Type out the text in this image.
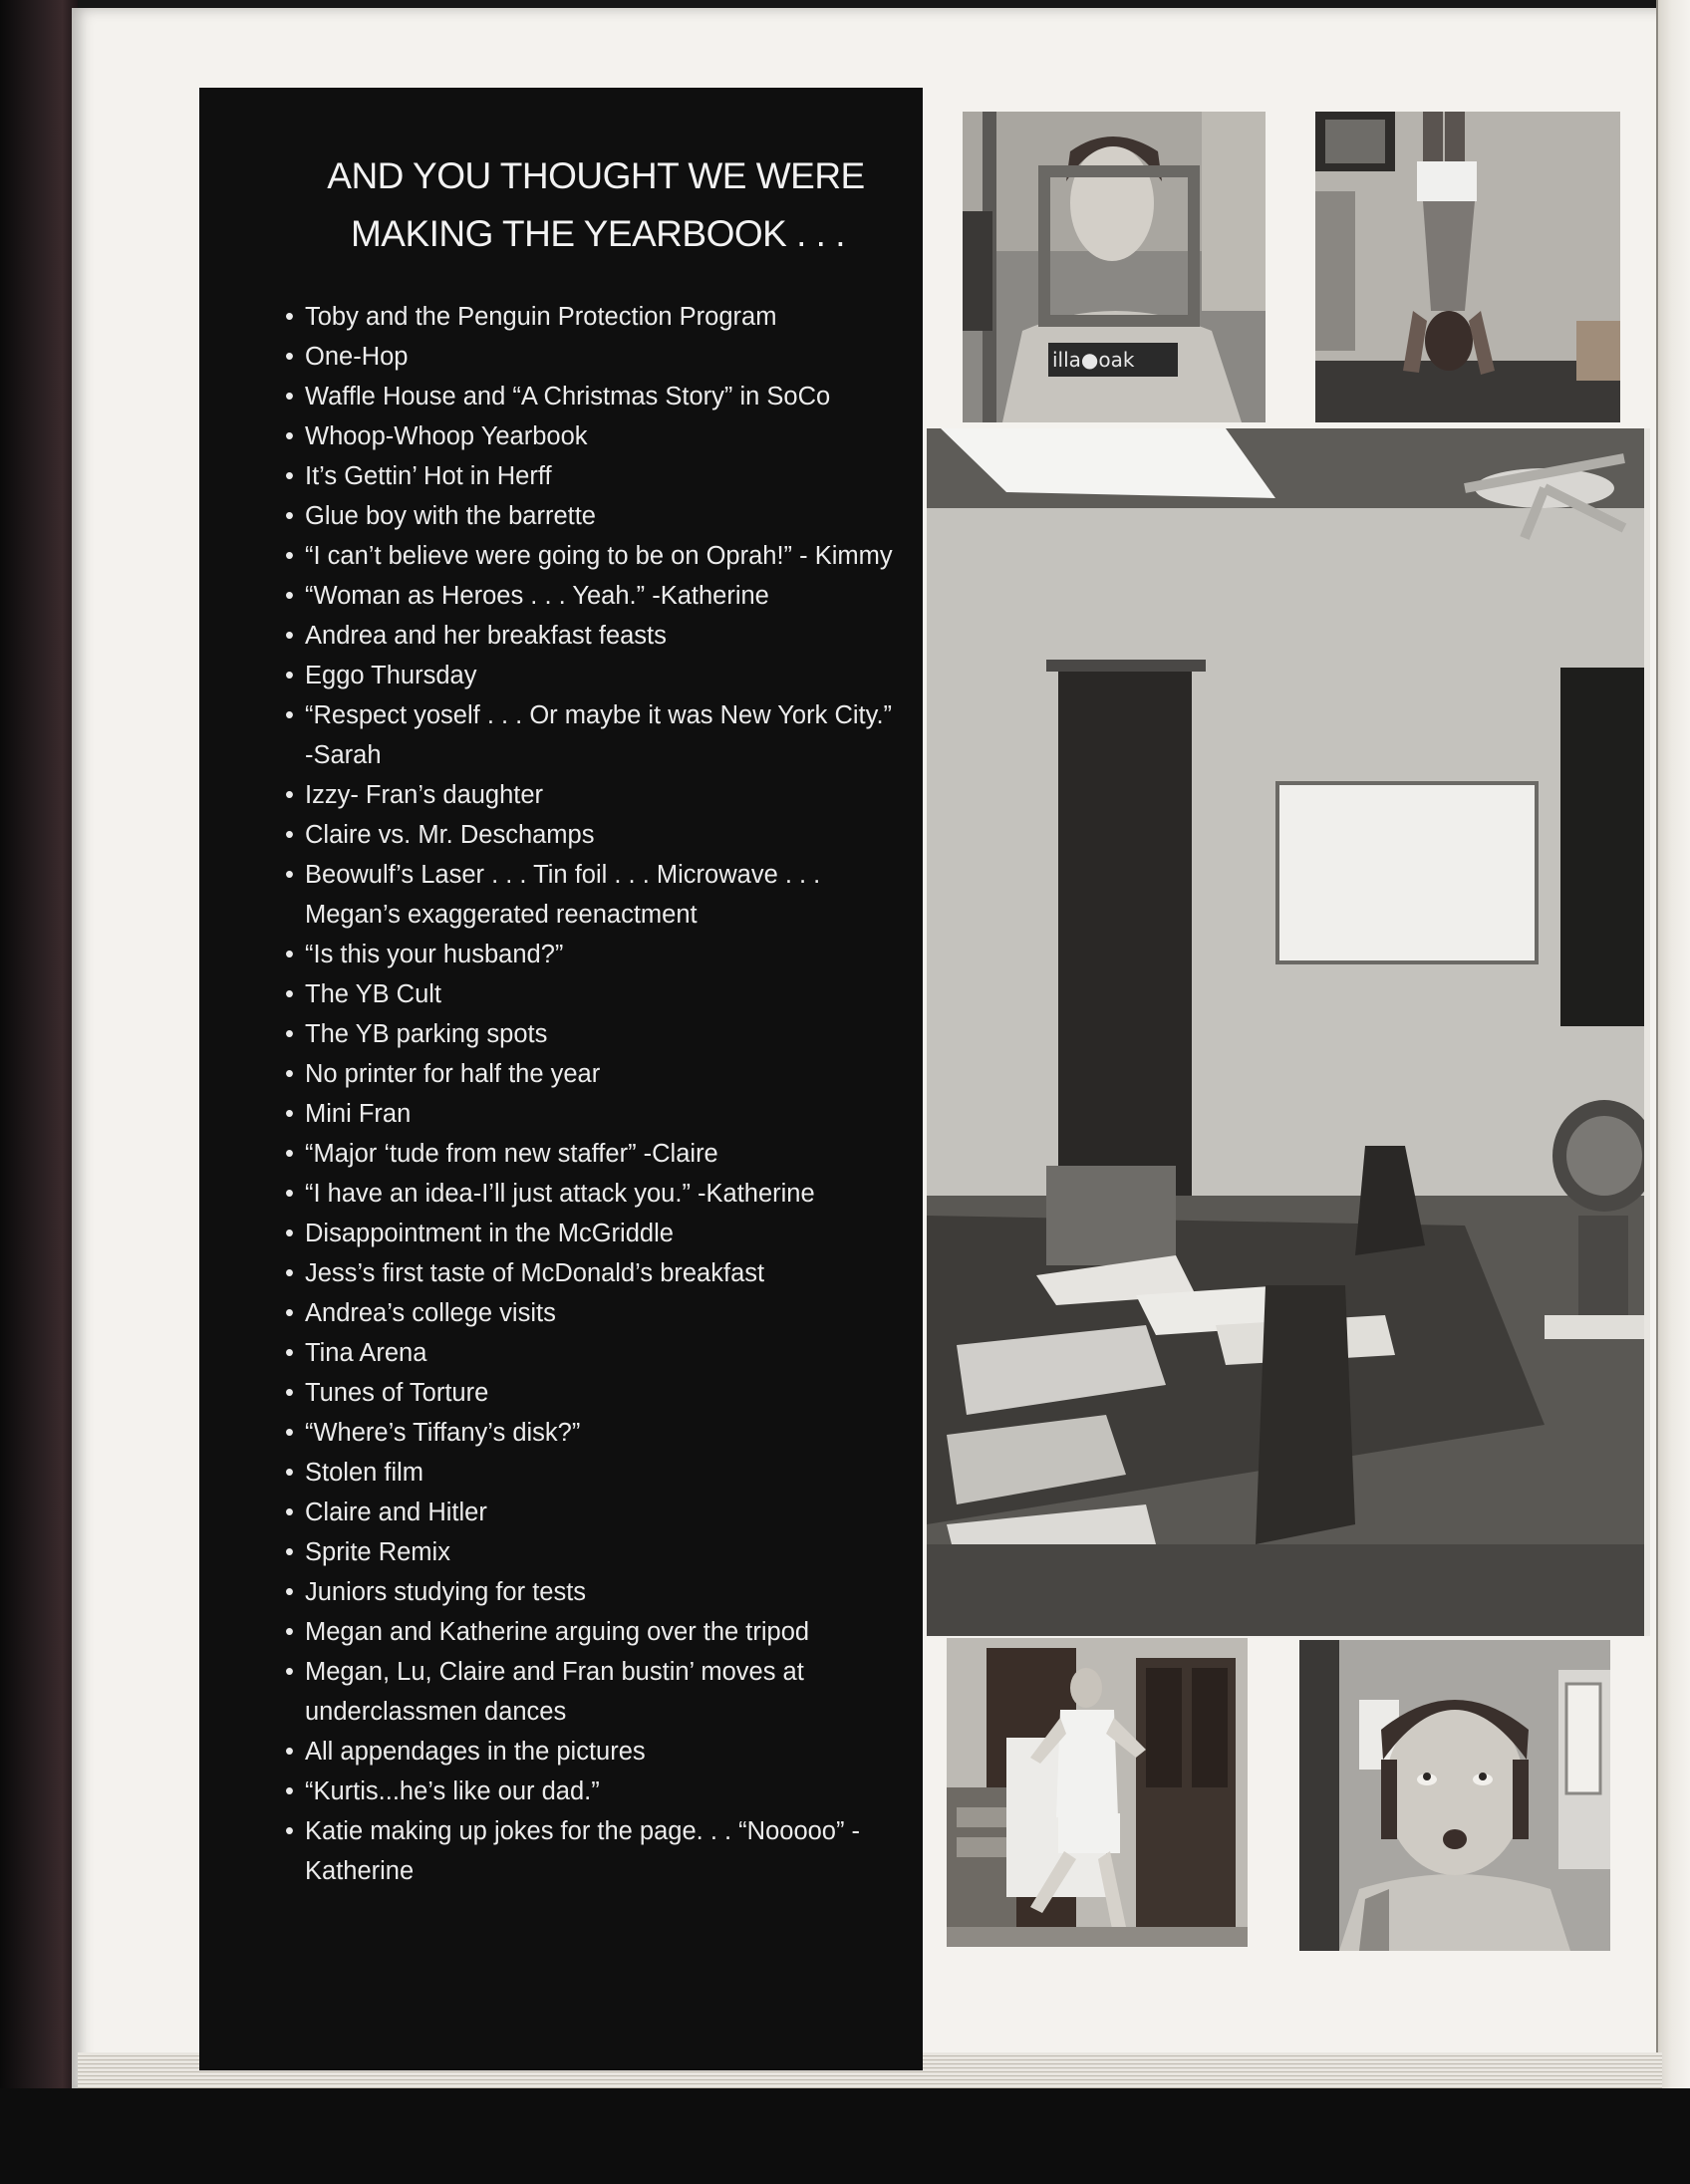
AND YOU THOUGHT WE WERE
MAKING THE YEARBOOK . . .
• Toby and the Penguin Protection Program
• One-Hop
• Waffle House and “A Christmas Story” in SoCo
• Whoop-Whoop Yearbook
• It’s Gettin’ Hot in Herff
• Glue boy with the barrette
• “I can’t believe were going to be on Oprah!” - Kimmy
• “Woman as Heroes . . . Yeah.” -Katherine
• Andrea and her breakfast feasts
• Eggo Thursday
• “Respect yoself . . . Or maybe it was New York City.” -Sarah
• Izzy- Fran’s daughter
• Claire vs. Mr. Deschamps
• Beowulf’s Laser . . . Tin foil . . . Microwave . . . Megan’s exaggerated reenactment
• “Is this your husband?”
• The YB Cult
• The YB parking spots
• No printer for half the year
• Mini Fran
• “Major ‘tude from new staffer” -Claire
• “I have an idea-I’ll just attack you.” -Katherine
• Disappointment in the McGriddle
• Jess’s first taste of McDonald’s breakfast
• Andrea’s college visits
• Tina Arena
• Tunes of Torture
• “Where’s Tiffany’s disk?”
• Stolen film
• Claire and Hitler
• Sprite Remix
• Juniors studying for tests
• Megan and Katherine arguing over the tripod
• Megan, Lu, Claire and Fran bustin’ moves at underclassmen dances
• All appendages in the pictures
• “Kurtis...he’s like our dad.”
• Katie making up jokes for the page. . . “Nooooo” -Katherine
illa●oak
